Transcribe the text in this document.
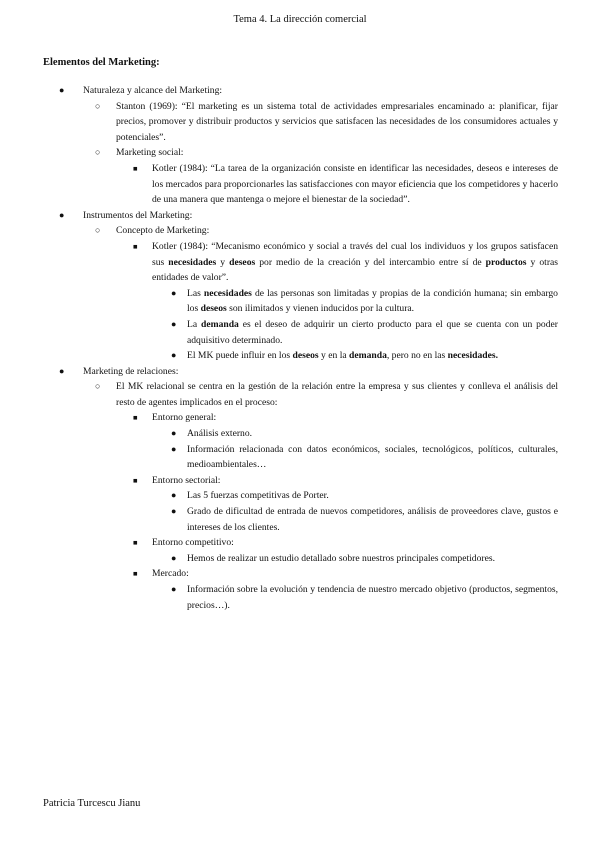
Tema 4. La dirección comercial
Elementos del Marketing:
● Naturaleza y alcance del Marketing:
○ Stanton (1969): “El marketing es un sistema total de actividades empresariales encaminado a: planificar, fijar precios, promover y distribuir productos y servicios que satisfacen las necesidades de los consumidores actuales y potenciales”.
○ Marketing social:
■ Kotler (1984): “La tarea de la organización consiste en identificar las necesidades, deseos e intereses de los mercados para proporcionarles las satisfacciones con mayor eficiencia que los competidores y hacerlo de una manera que mantenga o mejore el bienestar de la sociedad”.
● Instrumentos del Marketing:
○ Concepto de Marketing:
■ Kotler (1984): “Mecanismo económico y social a través del cual los individuos y los grupos satisfacen sus necesidades y deseos por medio de la creación y del intercambio entre sí de productos y otras entidades de valor”.
● Las necesidades de las personas son limitadas y propias de la condición humana; sin embargo los deseos son ilimitados y vienen inducidos por la cultura.
● La demanda es el deseo de adquirir un cierto producto para el que se cuenta con un poder adquisitivo determinado.
● El MK puede influir en los deseos y en la demanda, pero no en las necesidades.
● Marketing de relaciones:
○ El MK relacional se centra en la gestión de la relación entre la empresa y sus clientes y conlleva el análisis del resto de agentes implicados en el proceso:
■ Entorno general:
● Análisis externo.
● Información relacionada con datos económicos, sociales, tecnológicos, políticos, culturales, medioambientales…
■ Entorno sectorial:
● Las 5 fuerzas competitivas de Porter.
● Grado de dificultad de entrada de nuevos competidores, análisis de proveedores clave, gustos e intereses de los clientes.
■ Entorno competitivo:
● Hemos de realizar un estudio detallado sobre nuestros principales competidores.
■ Mercado:
● Información sobre la evolución y tendencia de nuestro mercado objetivo (productos, segmentos, precios…).
Patricia Turcescu Jianu
